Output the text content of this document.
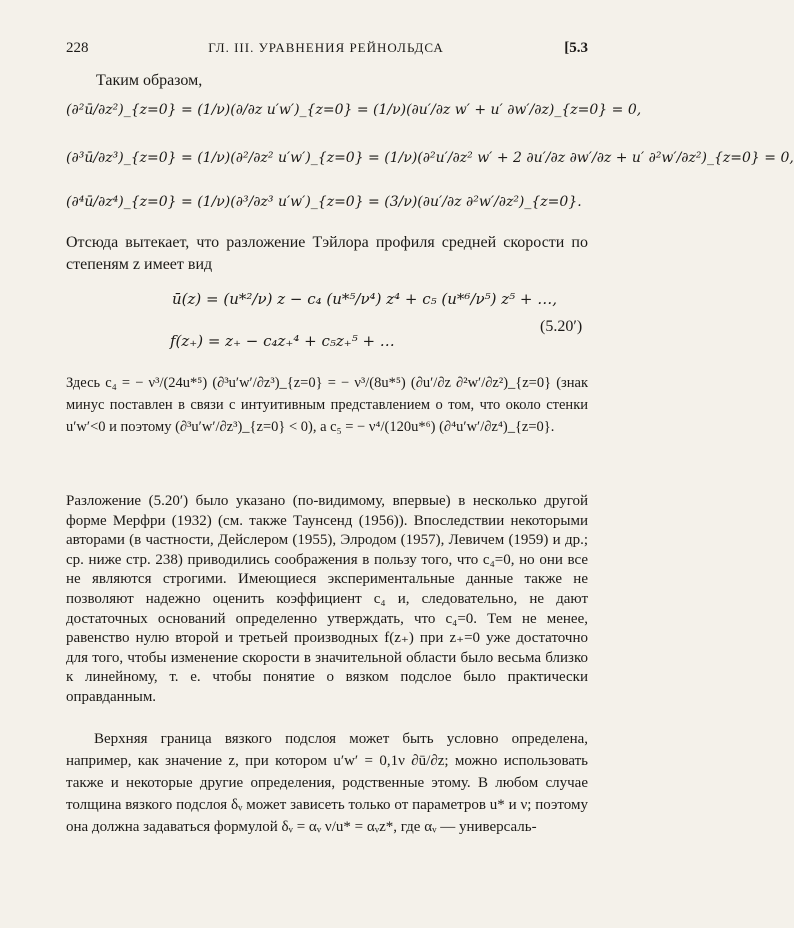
228	ГЛ. III. УРАВНЕНИЯ РЕЙНОЛЬДСА	[5.3
Таким образом,
(∂²ū/∂z²)_{z=0} = (1/ν)(∂/∂z u′w′)_{z=0} = (1/ν)(∂u′/∂z w′ + u′ ∂w′/∂z)_{z=0} = 0,
(∂³ū/∂z³)_{z=0} = (1/ν)(∂²/∂z² u′w′)_{z=0} = (1/ν)(∂²u′/∂z² w′ + 2 ∂u′/∂z ∂w′/∂z + u′ ∂²w′/∂z²)_{z=0} = 0,
(∂⁴ū/∂z⁴)_{z=0} = (1/ν)(∂³/∂z³ u′w′)_{z=0} = (3/ν)(∂u′/∂z ∂²w′/∂z²)_{z=0}.
Отсюда вытекает, что разложение Тэйлора профиля средней скорости по степеням z имеет вид
ū(z) = (u*²/ν) z − c₄ (u*⁵/ν⁴) z⁴ + c₅ (u*⁶/ν⁵) z⁵ + …,
f(z₊) = z₊ − c₄z₊⁴ + c₅z₊⁵ + …
(5.20′)
Здесь c₄ = − ν³/(24u*⁵) (∂³u′w′/∂z³)_{z=0} = − ν³/(8u*⁵) (∂u′/∂z ∂²w′/∂z²)_{z=0} (знак минус поставлен в связи с интуитивным представлением о том, что около стенки u′w′<0 и поэтому (∂³u′w′/∂z³)_{z=0} < 0), а c₅ = − ν⁴/(120u*⁶) (∂⁴u′w′/∂z⁴)_{z=0}.
Разложение (5.20′) было указано (по-видимому, впервые) в несколько другой форме Мерфри (1932) (см. также Таунсенд (1956)). Впоследствии некоторыми авторами (в частности, Дейслером (1955), Элродом (1957), Левичем (1959) и др.; ср. ниже стр. 238) приводились соображения в пользу того, что c₄=0, но они все не являются строгими. Имеющиеся экспериментальные данные также не позволяют надежно оценить коэффициент c₄ и, следовательно, не дают достаточных оснований определенно утверждать, что c₄=0. Тем не менее, равенство нулю второй и третьей производных f(z₊) при z₊=0 уже достаточно для того, чтобы изменение скорости в значительной области было весьма близко к линейному, т. е. чтобы понятие о вязком подслое было практически оправданным.
Верхняя граница вязкого подслоя может быть условно определена, например, как значение z, при котором u′w′ = 0,1ν ∂ū/∂z; можно использовать также и некоторые другие определения, родственные этому. В любом случае толщина вязкого подслоя δᵥ может зависеть только от параметров u* и ν; поэтому она должна задаваться формулой δᵥ = αᵥ ν/u* = αᵥz*, где αᵥ — универсаль-
